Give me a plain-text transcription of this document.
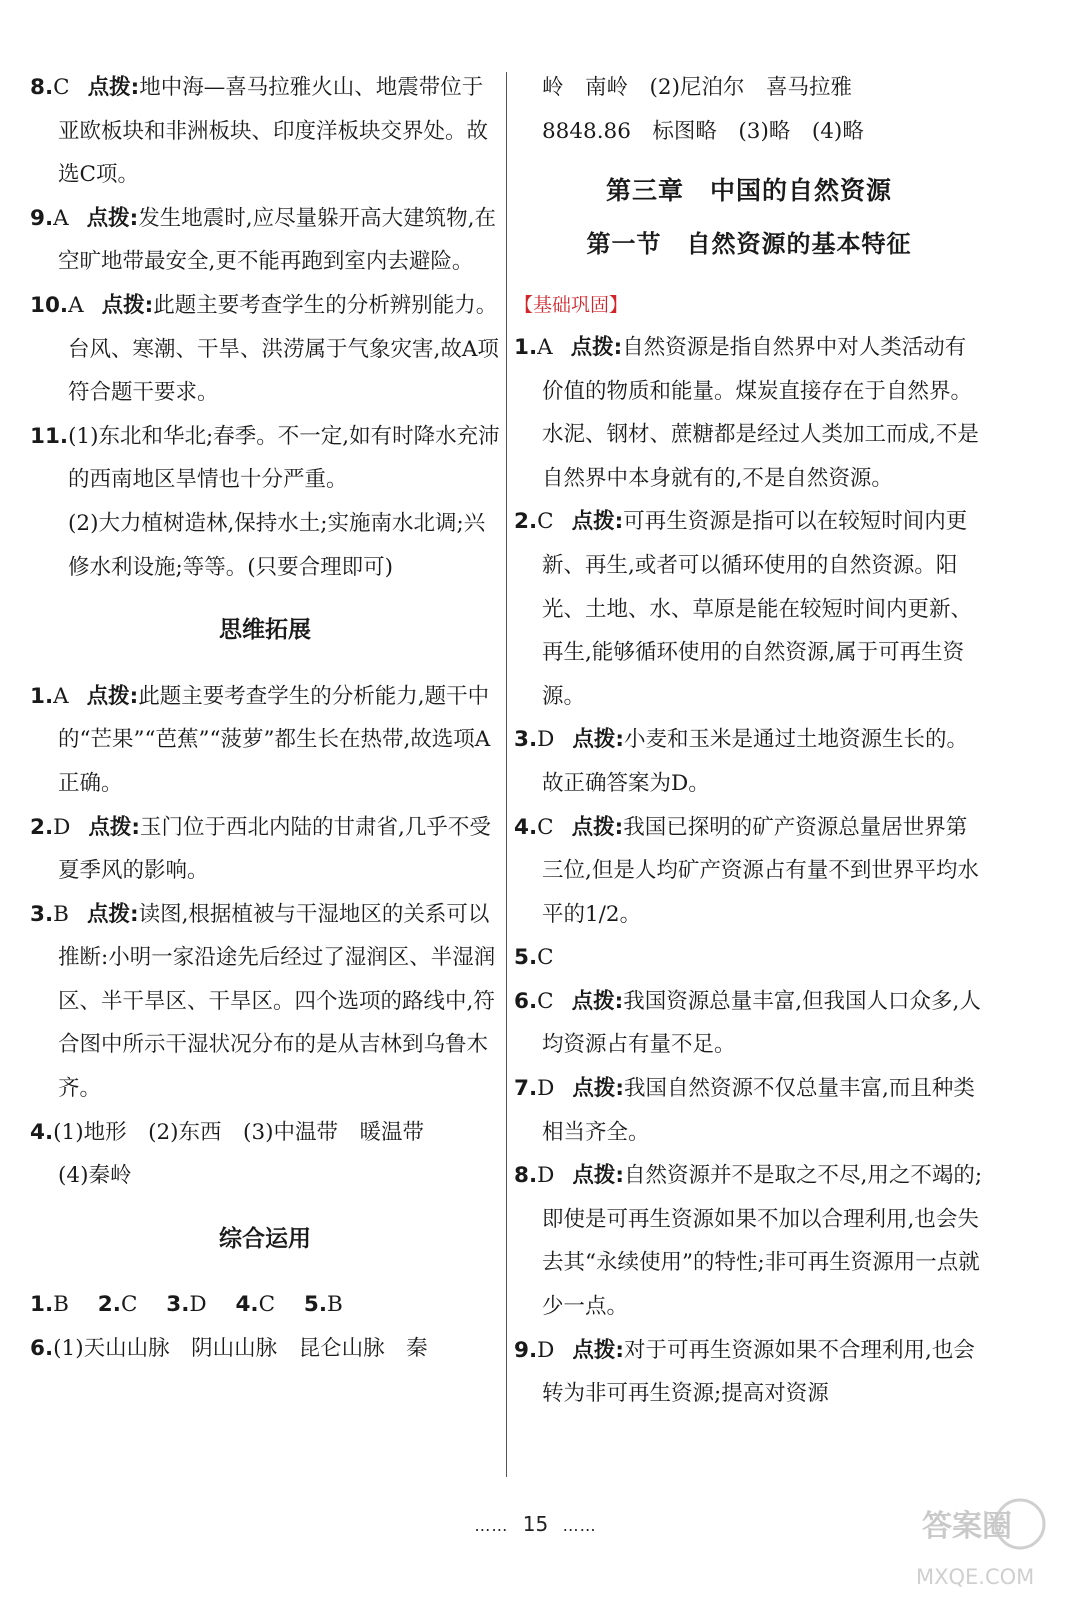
8.C 点拨:地中海—喜马拉雅火山、地震带位于亚欧板块和非洲板块、印度洋板块交界处。故选C项。
9.A 点拨:发生地震时,应尽量躲开高大建筑物,在空旷地带最安全,更不能再跑到室内去避险。
10.A 点拨:此题主要考查学生的分析辨别能力。台风、寒潮、干旱、洪涝属于气象灾害,故A项符合题干要求。
11.(1)东北和华北;春季。不一定,如有时降水充沛的西南地区旱情也十分严重。
(2)大力植树造林,保持水土;实施南水北调;兴修水利设施;等等。(只要合理即可)
思维拓展
1.A 点拨:此题主要考查学生的分析能力,题干中的“芒果”“芭蕉”“菠萝”都生长在热带,故选项A正确。
2.D 点拨:玉门位于西北内陆的甘肃省,几乎不受夏季风的影响。
3.B 点拨:读图,根据植被与干湿地区的关系可以推断:小明一家沿途先后经过了湿润区、半湿润区、半干旱区、干旱区。四个选项的路线中,符合图中所示干湿状况分布的是从吉林到乌鲁木齐。
4.(1)地形　(2)东西　(3)中温带　暖温带
(4)秦岭
综合运用
1.B 2.C 3.D 4.C 5.B
6.(1)天山山脉　阴山山脉　昆仑山脉　秦
岭　南岭　(2)尼泊尔　喜马拉雅
8848.86　标图略　(3)略　(4)略
第三章　中国的自然资源
第一节　自然资源的基本特征
【基础巩固】
1.A 点拨:自然资源是指自然界中对人类活动有价值的物质和能量。煤炭直接存在于自然界。水泥、钢材、蔗糖都是经过人类加工而成,不是自然界中本身就有的,不是自然资源。
2.C 点拨:可再生资源是指可以在较短时间内更新、再生,或者可以循环使用的自然资源。阳光、土地、水、草原是能在较短时间内更新、再生,能够循环使用的自然资源,属于可再生资源。
3.D 点拨:小麦和玉米是通过土地资源生长的。故正确答案为D。
4.C 点拨:我国已探明的矿产资源总量居世界第三位,但是人均矿产资源占有量不到世界平均水平的1/2。
5.C
6.C 点拨:我国资源总量丰富,但我国人口众多,人均资源占有量不足。
7.D 点拨:我国自然资源不仅总量丰富,而且种类相当齐全。
8.D 点拨:自然资源并不是取之不尽,用之不竭的;即使是可再生资源如果不加以合理利用,也会失去其“永续使用”的特性;非可再生资源用一点就少一点。
9.D 点拨:对于可再生资源如果不合理利用,也会转为非可再生资源;提高对资源
…… 15 ……	答案圈
MXQE.COM
